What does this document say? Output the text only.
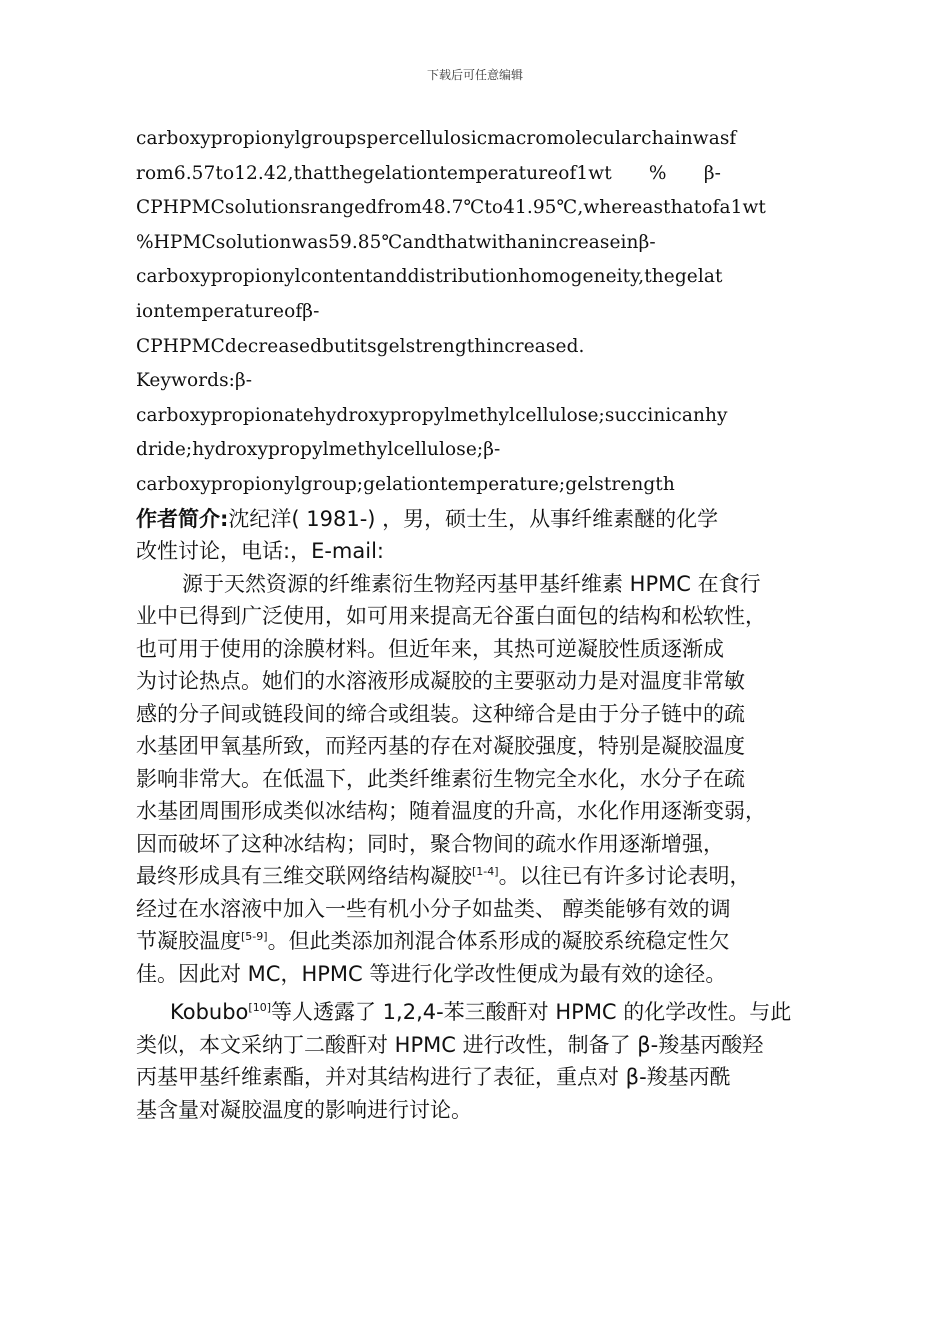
下载后可任意编辑
carboxypropionylgroupspercellulosicmacromolecularchainwasf
rom6.57to12.42,thatthegelationtemperatureof1wt　　%　　β-
CPHPMCsolutionsrangedfrom48.7℃to41.95℃,whereasthatofa1wt
%HPMCsolutionwas59.85℃andthatwithanincreaseinβ-
carboxypropionylcontentanddistributionhomogeneity,thegelat
iontemperatureofβ-
CPHPMCdecreasedbutitsgelstrengthincreased.
Keywords:β-
carboxypropionatehydroxypropylmethylcellulose;succinicanhy
dride;hydroxypropylmethylcellulose;β-
carboxypropionylgroup;gelationtemperature;gelstrength
作者简介:沈纪洋( 1981-) ，男，硕士生，从事纤维素醚的化学
改性讨论，电话:，E-mail:
源于天然资源的纤维素衍生物羟丙基甲基纤维素 HPMC 在食行
业中已得到广泛使用，如可用来提高无谷蛋白面包的结构和松软性，
也可用于使用的涂膜材料。但近年来，其热可逆凝胶性质逐渐成
为讨论热点。她们的水溶液形成凝胶的主要驱动力是对温度非常敏
感的分子间或链段间的缔合或组装。这种缔合是由于分子链中的疏
水基团甲氧基所致，而羟丙基的存在对凝胶强度，特别是凝胶温度
影响非常大。在低温下，此类纤维素衍生物完全水化，水分子在疏
水基团周围形成类似冰结构；随着温度的升高，水化作用逐渐变弱，
因而破坏了这种冰结构；同时，聚合物间的疏水作用逐渐增强，
最终形成具有三维交联网络结构凝胶[1-4]。以往已有许多讨论表明，
经过在水溶液中加入一些有机小分子如盐类、 醇类能够有效的调
节凝胶温度[5-9]。但此类添加剂混合体系形成的凝胶系统稳定性欠
佳。因此对 MC，HPMC 等进行化学改性便成为最有效的途径。
Kobubo[10]等人透露了 1,2,4-苯三酸酐对 HPMC 的化学改性。与此
类似，本文采纳丁二酸酐对 HPMC 进行改性，制备了 β-羧基丙酸羟
丙基甲基纤维素酯，并对其结构进行了表征，重点对 β-羧基丙酰
基含量对凝胶温度的影响进行讨论。
